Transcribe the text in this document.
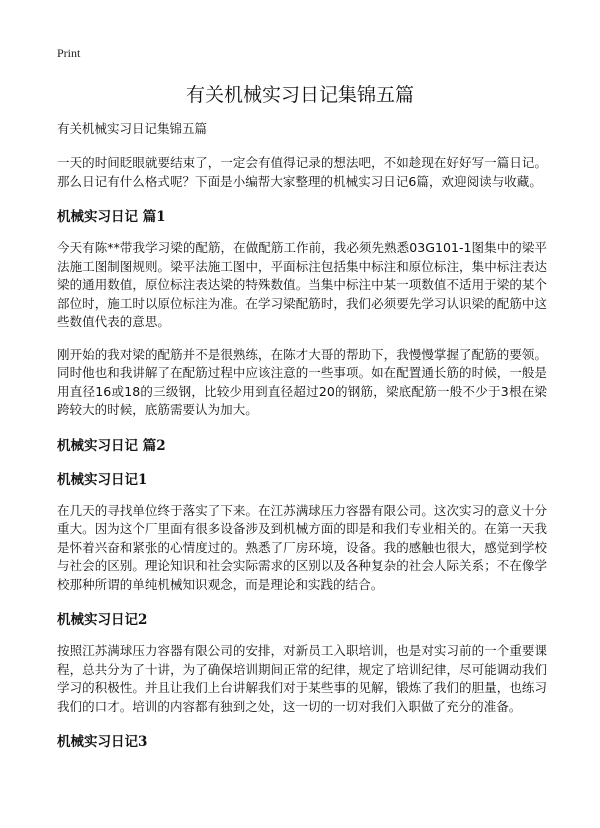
Print
有关机械实习日记集锦五篇
有关机械实习日记集锦五篇

一天的时间眨眼就要结束了，一定会有值得记录的想法吧，不如趁现在好好写一篇日记。那么日记有什么格式呢？下面是小编帮大家整理的机械实习日记6篇，欢迎阅读与收藏。

机械实习日记 篇1

今天有陈**带我学习梁的配筋，在做配筋工作前，我必须先熟悉03G101-1图集中的梁平法施工图制图规则。梁平法施工图中，平面标注包括集中标注和原位标注，集中标注表达梁的通用数值，原位标注表达梁的特殊数值。当集中标注中某一项数值不适用于梁的某个部位时，施工时以原位标注为准。在学习梁配筋时，我们必须要先学习认识梁的配筋中这些数值代表的意思。

刚开始的我对梁的配筋并不是很熟练，在陈才大哥的帮助下，我慢慢掌握了配筋的要领。同时他也和我讲解了在配筋过程中应该注意的一些事项。如在配置通长筋的时候，一般是用直径16或18的三级钢，比较少用到直径超过20的钢筋，梁底配筋一般不少于3根在梁跨较大的时候，底筋需要认为加大。

机械实习日记 篇2
机械实习日记1

在几天的寻找单位终于落实了下来。在江苏满球压力容器有限公司。这次实习的意义十分重大。因为这个厂里面有很多设备涉及到机械方面的即是和我们专业相关的。在第一天我是怀着兴奋和紧张的心情度过的。熟悉了厂房环境，设备。我的感触也很大，感觉到学校与社会的区别。理论知识和社会实际需求的区别以及各种复杂的社会人际关系；不在像学校那种所谓的单纯机械知识观念，而是理论和实践的结合。

机械实习日记2

按照江苏满球压力容器有限公司的安排，对新员工入职培训，也是对实习前的一个重要课程，总共分为了十讲，为了确保培训期间正常的纪律，规定了培训纪律，尽可能调动我们学习的积极性。并且让我们上台讲解我们对于某些事的见解，锻炼了我们的胆量，也练习我们的口才。培训的内容都有独到之处，这一切的一切对我们入职做了充分的准备。

机械实习日记3
